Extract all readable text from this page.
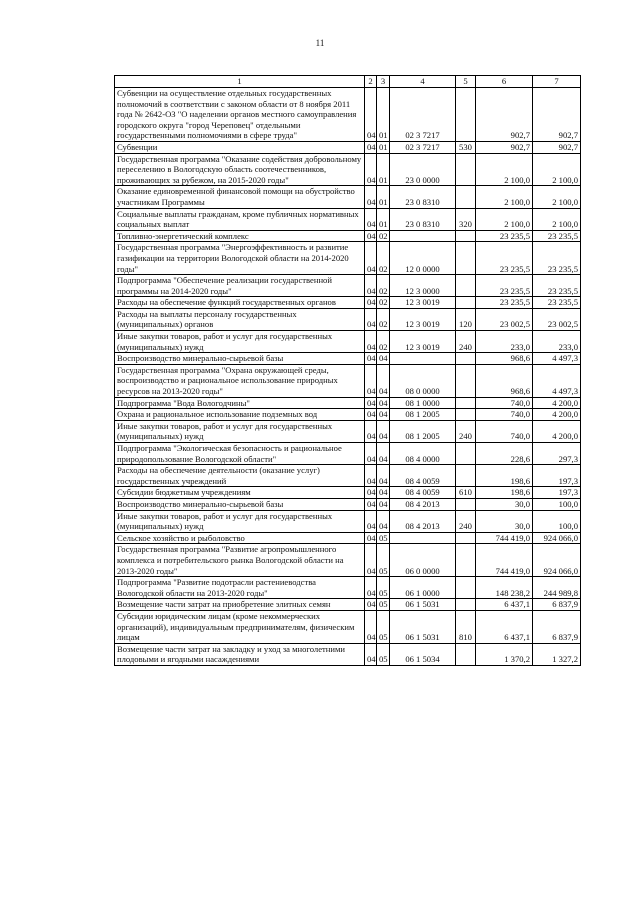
11
1	2	3	4	5	6	7
Субвенции на осуществление отдельных государственных полномочий в соответствии с законом области от 8 ноября 2011 года № 2642-ОЗ "О наделении органов местного самоуправления городского округа "город Череповец" отдельными государственными полномочиями в сфере труда"	04	01	02 3 7217		902,7	902,7
Субвенции	04	01	02 3 7217	530	902,7	902,7
Государственная программа "Оказание содействия добровольному переселению в Вологодскую область соотечественников, проживающих за рубежом, на 2015-2020 годы"	04	01	23 0 0000		2 100,0	2 100,0
Оказание единовременной финансовой помощи на обустройство участникам Программы	04	01	23 0 8310		2 100,0	2 100,0
Социальные выплаты гражданам, кроме публичных нормативных социальных выплат	04	01	23 0 8310	320	2 100,0	2 100,0
Топливно-энергетический комплекс	04	02			23 235,5	23 235,5
Государственная программа "Энергоэффективность и развитие газификации на территории Вологодской области на 2014-2020 годы"	04	02	12 0 0000		23 235,5	23 235,5
Подпрограмма "Обеспечение реализации государственной программы на 2014-2020 годы"	04	02	12 3 0000		23 235,5	23 235,5
Расходы на обеспечение функций государственных органов	04	02	12 3 0019		23 235,5	23 235,5
Расходы на выплаты персоналу государственных (муниципальных) органов	04	02	12 3 0019	120	23 002,5	23 002,5
Иные закупки товаров, работ и услуг для государственных (муниципальных) нужд	04	02	12 3 0019	240	233,0	233,0
Воспроизводство минерально-сырьевой базы	04	04			968,6	4 497,3
Государственная программа "Охрана окружающей среды, воспроизводство и рациональное использование природных ресурсов на 2013-2020 годы"	04	04	08 0 0000		968,6	4 497,3
Подпрограмма "Вода Вологодчины"	04	04	08 1 0000		740,0	4 200,0
Охрана и рациональное использование подземных вод	04	04	08 1 2005		740,0	4 200,0
Иные закупки товаров, работ и услуг для государственных (муниципальных) нужд	04	04	08 1 2005	240	740,0	4 200,0
Подпрограмма "Экологическая безопасность и рациональное природопользование Вологодской области"	04	04	08 4 0000		228,6	297,3
Расходы на обеспечение деятельности (оказание услуг) государственных учреждений	04	04	08 4 0059		198,6	197,3
Субсидии бюджетным учреждениям	04	04	08 4 0059	610	198,6	197,3
Воспроизводство минерально-сырьевой базы	04	04	08 4 2013		30,0	100,0
Иные закупки товаров, работ и услуг для государственных (муниципальных) нужд	04	04	08 4 2013	240	30,0	100,0
Сельское хозяйство и рыболовство	04	05			744 419,0	924 066,0
Государственная программа "Развитие агропромышленного комплекса и потребительского рынка Вологодской области на 2013-2020 годы"	04	05	06 0 0000		744 419,0	924 066,0
Подпрограмма "Развитие подотрасли растениеводства Вологодской области на 2013-2020 годы"	04	05	06 1 0000		148 238,2	244 989,8
Возмещение части затрат на приобретение элитных семян	04	05	06 1 5031		6 437,1	6 837,9
Субсидии юридическим лицам (кроме некоммерческих организаций), индивидуальным предпринимателям, физическим лицам	04	05	06 1 5031	810	6 437,1	6 837,9
Возмещение части затрат на закладку и уход за многолетними плодовыми и ягодными насаждениями	04	05	06 1 5034		1 370,2	1 327,2
